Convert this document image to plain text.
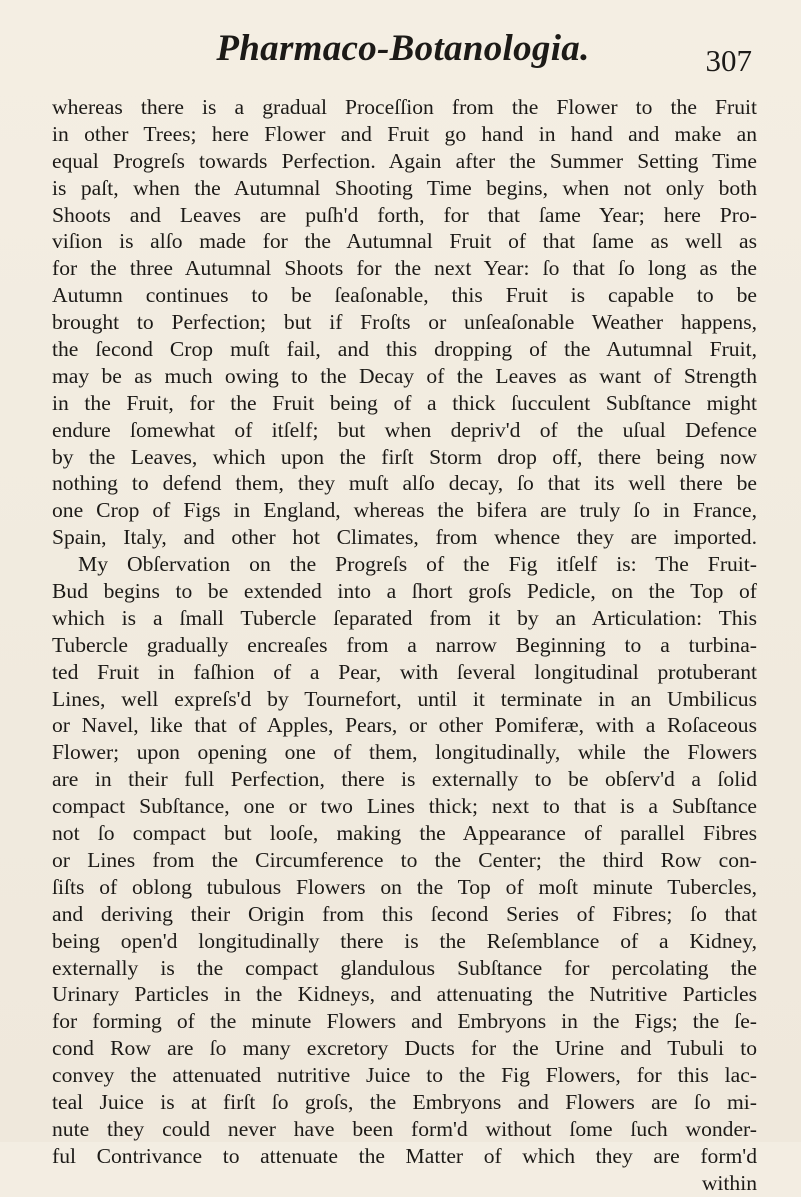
Pharmaco-Botanologia.	307
whereas there is a gradual Proceſſion from the Flower to the Fruit
in other Trees; here Flower and Fruit go hand in hand and make an
equal Progreſs towards Perfection. Again after the Summer Setting Time
is paſt, when the Autumnal Shooting Time begins, when not only both
Shoots and Leaves are puſh'd forth, for that ſame Year; here Pro-
viſion is alſo made for the Autumnal Fruit of that ſame as well as
for the three Autumnal Shoots for the next Year: ſo that ſo long as the
Autumn continues to be ſeaſonable, this Fruit is capable to be
brought to Perfection; but if Froſts or unſeaſonable Weather happens,
the ſecond Crop muſt fail, and this dropping of the Autumnal Fruit,
may be as much owing to the Decay of the Leaves as want of Strength
in the Fruit, for the Fruit being of a thick ſucculent Subſtance might
endure ſomewhat of itſelf; but when depriv'd of the uſual Defence
by the Leaves, which upon the firſt Storm drop off, there being now
nothing to defend them, they muſt alſo decay, ſo that its well there be
one Crop of Figs in England, whereas the bifera are truly ſo in France,
Spain, Italy, and other hot Climates, from whence they are imported.
My Obſervation on the Progreſs of the Fig itſelf is: The Fruit-
Bud begins to be extended into a ſhort groſs Pedicle, on the Top of
which is a ſmall Tubercle ſeparated from it by an Articulation: This
Tubercle gradually encreaſes from a narrow Beginning to a turbina-
ted Fruit in faſhion of a Pear, with ſeveral longitudinal protuberant
Lines, well expreſs'd by Tournefort, until it terminate in an Umbilicus
or Navel, like that of Apples, Pears, or other Pomiferæ, with a Roſaceous
Flower; upon opening one of them, longitudinally, while the Flowers
are in their full Perfection, there is externally to be obſerv'd a ſolid
compact Subſtance, one or two Lines thick; next to that is a Subſtance
not ſo compact but looſe, making the Appearance of parallel Fibres
or Lines from the Circumference to the Center; the third Row con-
ſiſts of oblong tubulous Flowers on the Top of moſt minute Tubercles,
and deriving their Origin from this ſecond Series of Fibres; ſo that
being open'd longitudinally there is the Reſemblance of a Kidney,
externally is the compact glandulous Subſtance for percolating the
Urinary Particles in the Kidneys, and attenuating the Nutritive Particles
for forming of the minute Flowers and Embryons in the Figs; the ſe-
cond Row are ſo many excretory Ducts for the Urine and Tubuli to
convey the attenuated nutritive Juice to the Fig Flowers, for this lac-
teal Juice is at firſt ſo groſs, the Embryons and Flowers are ſo mi-
nute they could never have been form'd without ſome ſuch wonder-
ful Contrivance to attenuate the Matter of which they are form'd
within
